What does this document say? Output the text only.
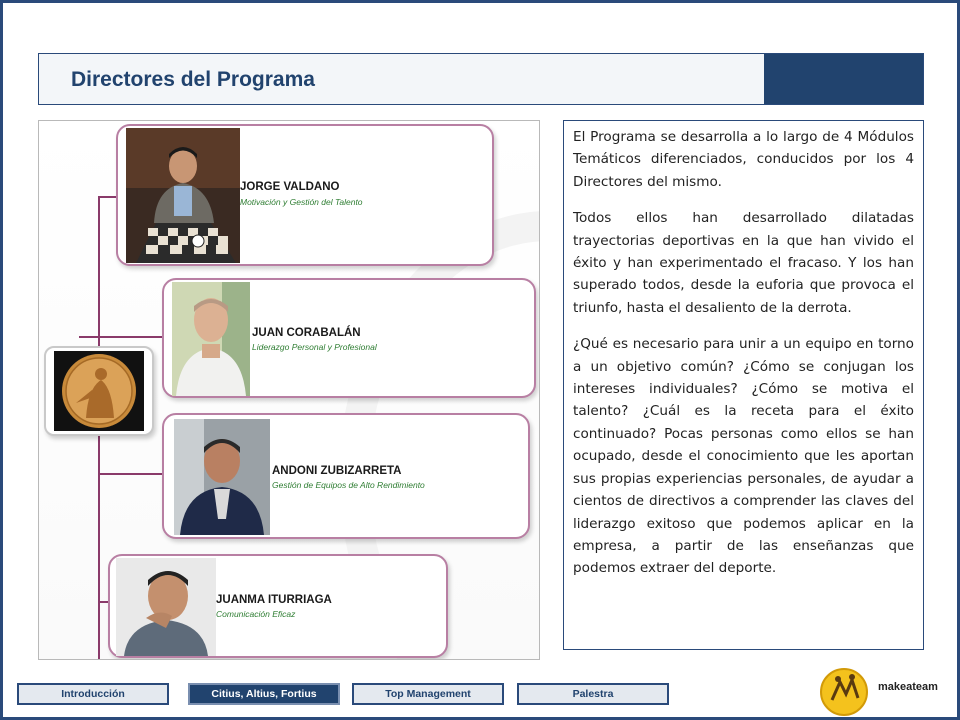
Directores del Programa
JORGE VALDANO
Motivación y Gestión del Talento
JUAN CORABALÁN
Liderazgo Personal y Profesional
ANDONI ZUBIZARRETA
Gestión de Equipos de Alto Rendimiento
JUANMA ITURRIAGA
Comunicación Eficaz

El Programa se desarrolla a lo largo de 4 Módulos Temáticos diferenciados, conducidos por los 4 Directores del mismo.

Todos ellos han desarrollado dilatadas trayectorias deportivas en la que han vivido el éxito y han experimentado el fracaso. Y los han superado todos, desde la euforia que provoca el triunfo, hasta el desaliento de la derrota.

¿Qué es necesario para unir a un equipo en torno a un objetivo común? ¿Cómo se conjugan los intereses individuales? ¿Cómo se motiva el talento? ¿Cuál es la receta para el éxito continuado? Pocas personas como ellos se han ocupado, desde el conocimiento que les aportan sus propias experiencias personales, de ayudar a cientos de directivos a comprender las claves del liderazgo exitoso que podemos aplicar en la empresa, a partir de las enseñanzas que podemos extraer del deporte.

Introducción	Citius, Altius, Fortius	Top Management	Palestra
makeateam
